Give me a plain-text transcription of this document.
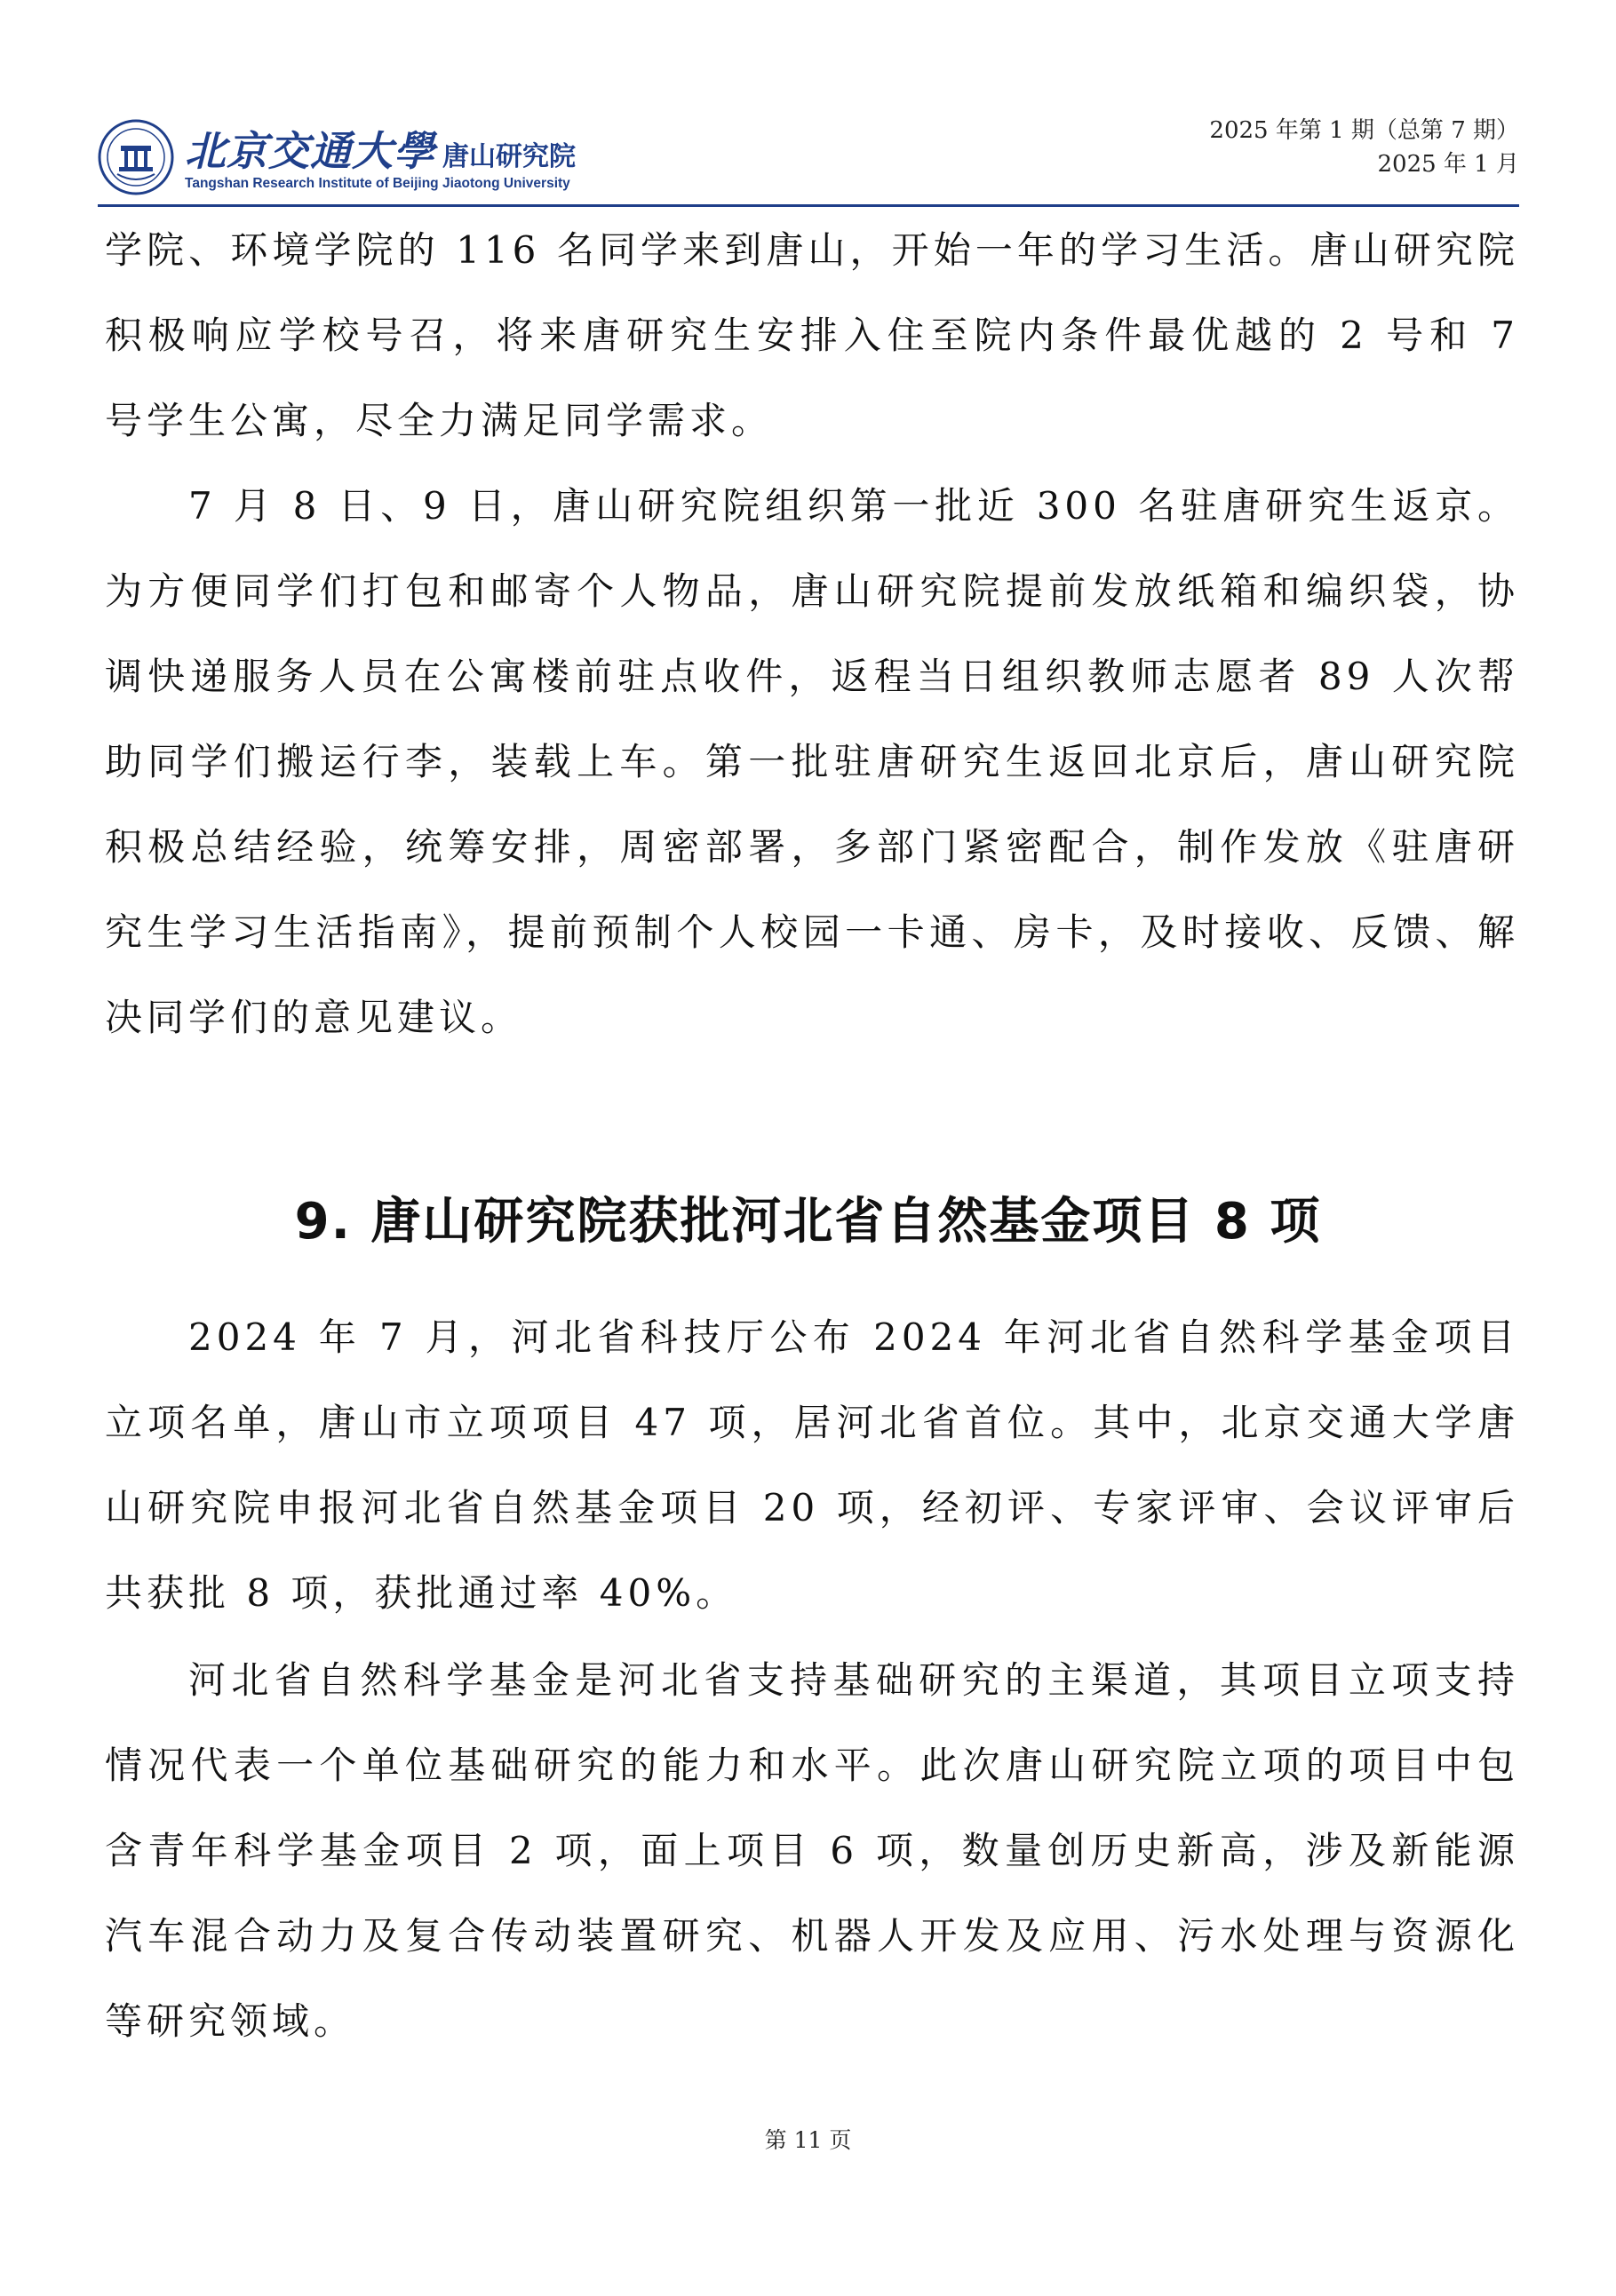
北京交通大學 唐山研究院
Tangshan Research Institute of Beijing Jiaotong University
2025 年第 1 期（总第 7 期）
2025 年 1 月

学院、环境学院的 116 名同学来到唐山，开始一年的学习生活。唐山研究院积极响应学校号召，将来唐研究生安排入住至院内条件最优越的 2 号和 7 号学生公寓，尽全力满足同学需求。

7 月 8 日、9 日，唐山研究院组织第一批近 300 名驻唐研究生返京。为方便同学们打包和邮寄个人物品，唐山研究院提前发放纸箱和编织袋，协调快递服务人员在公寓楼前驻点收件，返程当日组织教师志愿者 89 人次帮助同学们搬运行李，装载上车。第一批驻唐研究生返回北京后，唐山研究院积极总结经验，统筹安排，周密部署，多部门紧密配合，制作发放《驻唐研究生学习生活指南》，提前预制个人校园一卡通、房卡，及时接收、反馈、解决同学们的意见建议。

9. 唐山研究院获批河北省自然基金项目 8 项

2024 年 7 月，河北省科技厅公布 2024 年河北省自然科学基金项目立项名单，唐山市立项项目 47 项，居河北省首位。其中，北京交通大学唐山研究院申报河北省自然基金项目 20 项，经初评、专家评审、会议评审后共获批 8 项，获批通过率 40%。

河北省自然科学基金是河北省支持基础研究的主渠道，其项目立项支持情况代表一个单位基础研究的能力和水平。此次唐山研究院立项的项目中包含青年科学基金项目 2 项，面上项目 6 项，数量创历史新高，涉及新能源汽车混合动力及复合传动装置研究、机器人开发及应用、污水处理与资源化等研究领域。

第 11 页
